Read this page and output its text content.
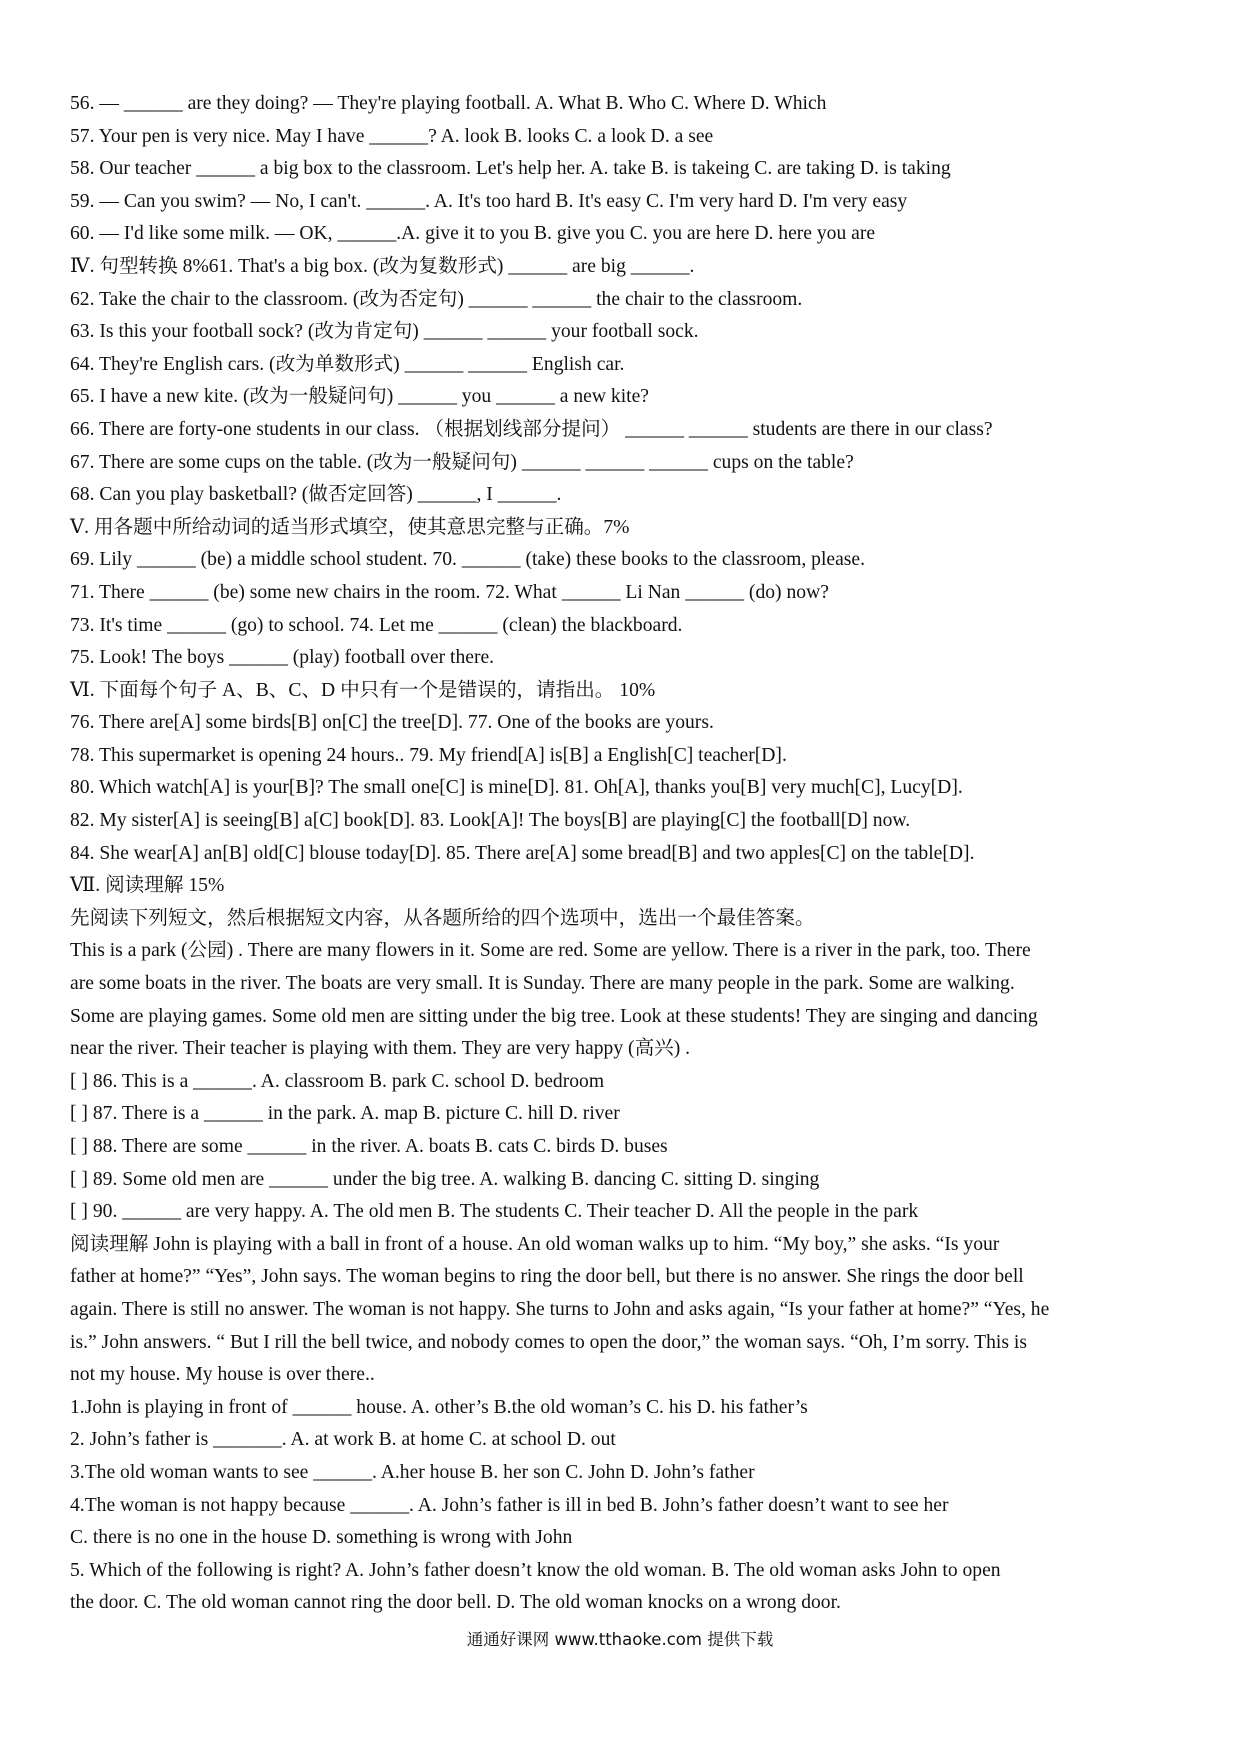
56. — ______ are they doing? — They're playing football. A. What B. Who C. Where D. Which
57. Your pen is very nice. May I have ______? A. look B. looks C. a look D. a see
58. Our teacher ______ a big box to the classroom. Let's help her. A. take B. is takeing C. are taking D. is taking
59. — Can you swim? — No, I can't. ______. A. It's too hard B. It's easy C. I'm very hard D. I'm very easy
60. — I'd like some milk. — OK, ______.A. give it to you B. give you C. you are here D. here you are
Ⅳ. 句型转换 8%61. That's a big box. (改为复数形式) ______ are big ______.
62. Take the chair to the classroom. (改为否定句) ______ ______ the chair to the classroom.
63. Is this your football sock? (改为肯定句) ______ ______ your football sock.
64. They're English cars. (改为单数形式) ______ ______ English car.
65. I have a new kite. (改为一般疑问句) ______ you ______ a new kite?
66. There are forty-one students in our class. （根据划线部分提问） ______ ______ students are there in our class?
67. There are some cups on the table. (改为一般疑问句) ______ ______ ______ cups on the table?
68. Can you play basketball? (做否定回答) ______, I ______.
Ⅴ. 用各题中所给动词的适当形式填空，使其意思完整与正确。7%
69. Lily ______ (be) a middle school student. 70. ______ (take) these books to the classroom, please.
71. There ______ (be) some new chairs in the room. 72. What ______ Li Nan ______ (do) now?
73. It's time ______ (go) to school. 74. Let me ______ (clean) the blackboard.
75. Look! The boys ______ (play) football over there.
Ⅵ. 下面每个句子 A、B、C、D 中只有一个是错误的，请指出。 10%
76. There are[A] some birds[B] on[C] the tree[D]. 77. One of the books are yours.
78. This supermarket is opening 24 hours.. 79. My friend[A] is[B] a English[C] teacher[D].
80. Which watch[A] is your[B]? The small one[C] is mine[D]. 81. Oh[A], thanks you[B] very much[C], Lucy[D].
82. My sister[A] is seeing[B] a[C] book[D]. 83. Look[A]! The boys[B] are playing[C] the football[D] now.
84. She wear[A] an[B] old[C] blouse today[D]. 85. There are[A] some bread[B] and two apples[C] on the table[D].
Ⅶ. 阅读理解 15%
先阅读下列短文，然后根据短文内容，从各题所给的四个选项中，选出一个最佳答案。
This is a park (公园) . There are many flowers in it. Some are red. Some are yellow. There is a river in the park, too. There
are some boats in the river. The boats are very small. It is Sunday. There are many people in the park. Some are walking.
Some are playing games. Some old men are sitting under the big tree. Look at these students! They are singing and dancing
near the river. Their teacher is playing with them. They are very happy (高兴) .
[ ] 86. This is a ______. A. classroom B. park C. school D. bedroom
[ ] 87. There is a ______ in the park. A. map B. picture C. hill D. river
[ ] 88. There are some ______ in the river. A. boats B. cats C. birds D. buses
[ ] 89. Some old men are ______ under the big tree. A. walking B. dancing C. sitting D. singing
[ ] 90. ______ are very happy. A. The old men B. The students C. Their teacher D. All the people in the park
阅读理解 John is playing with a ball in front of a house. An old woman walks up to him. “My boy,” she asks. “Is your
father at home?” “Yes”, John says. The woman begins to ring the door bell, but there is no answer. She rings the door bell
again. There is still no answer. The woman is not happy. She turns to John and asks again, “Is your father at home?” “Yes, he
is.” John answers. “ But I rill the bell twice, and nobody comes to open the door,” the woman says. “Oh, I’m sorry. This is
not my house. My house is over there..
1.John is playing in front of ______ house. A. other’s B.the old woman’s C. his D. his father’s
2. John’s father is _______. A. at work B. at home C. at school D. out
3.The old woman wants to see ______. A.her house B. her son C. John D. John’s father
4.The woman is not happy because ______. A. John’s father is ill in bed B. John’s father doesn’t want to see her
C. there is no one in the house D. something is wrong with John
5. Which of the following is right? A. John’s father doesn’t know the old woman. B. The old woman asks John to open
the door. C. The old woman cannot ring the door bell. D. The old woman knocks on a wrong door.
通通好课网 www.tthaoke.com 提供下载
